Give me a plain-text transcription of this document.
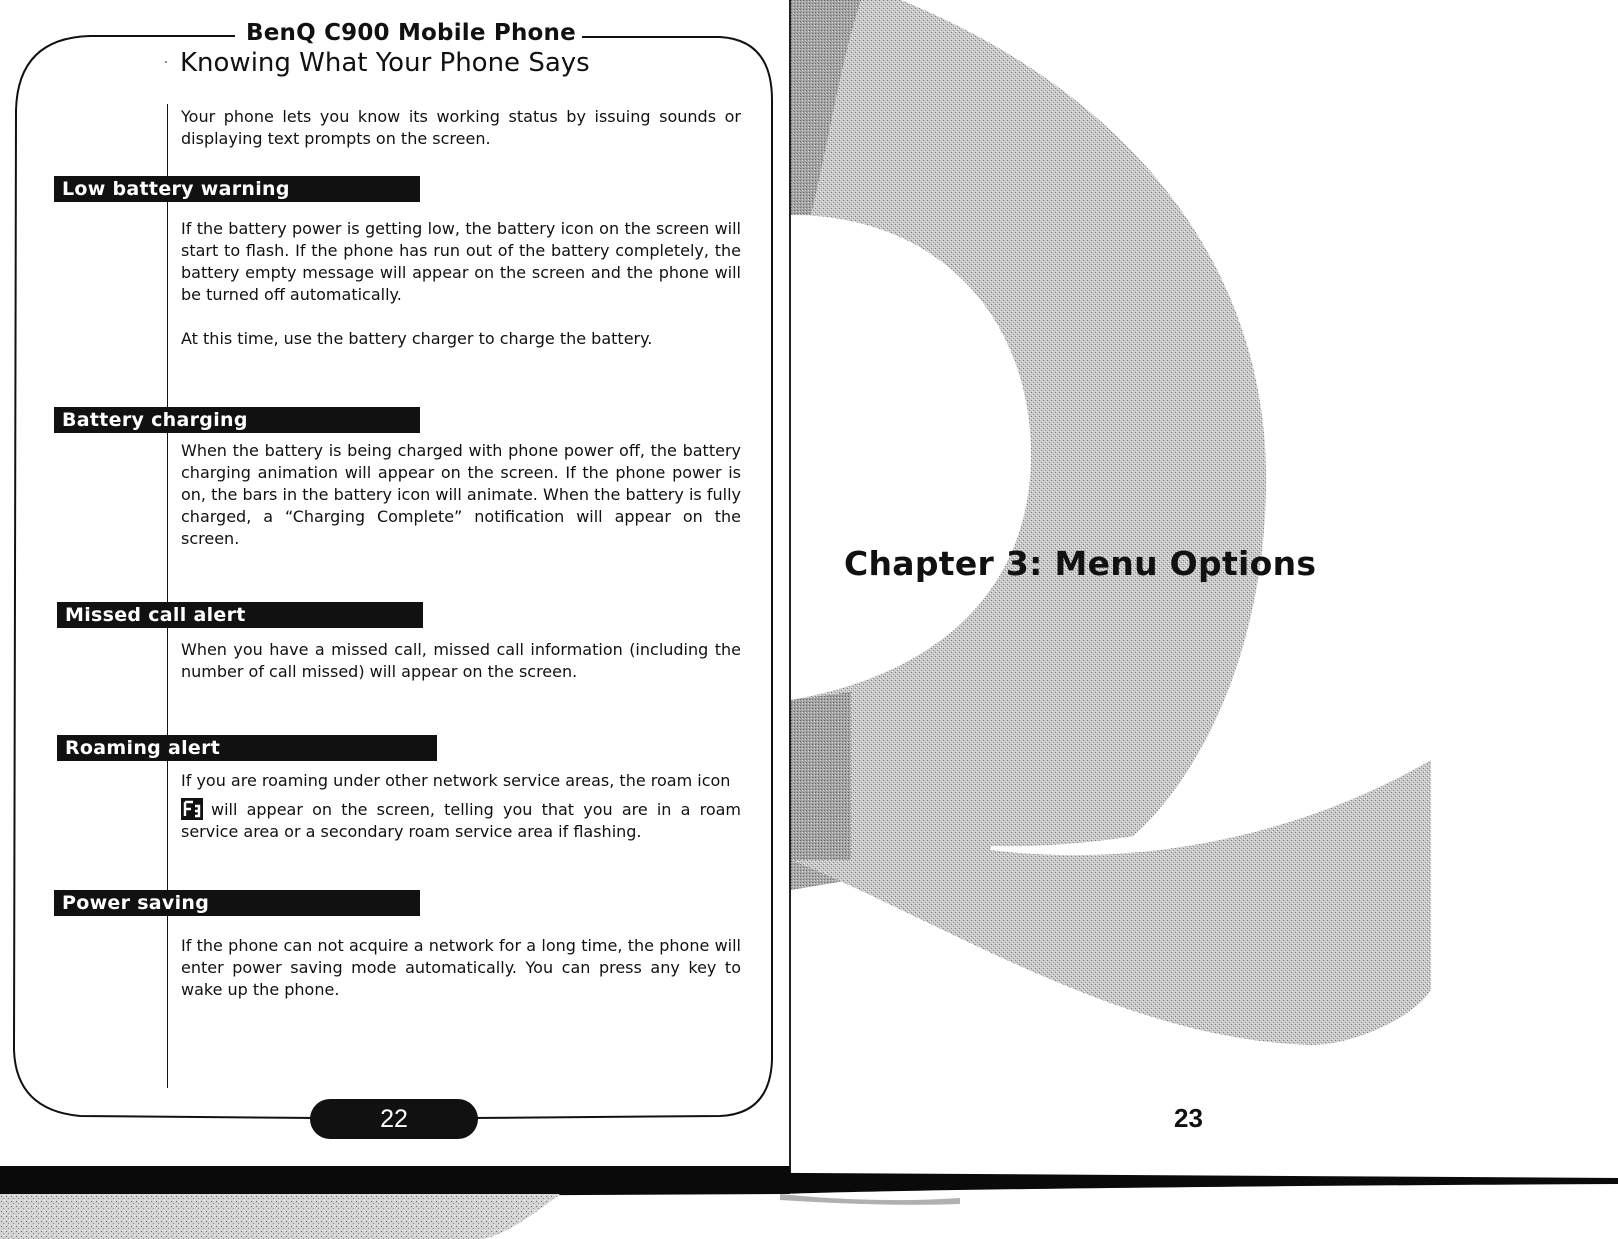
BenQ C900 Mobile Phone
Knowing What Your Phone Says

Your phone lets you know its working status by issuing sounds or displaying text prompts on the screen.

Low battery warning

If the battery power is getting low, the battery icon on the screen will start to flash. If the phone has run out of the battery completely, the battery empty message will appear on the screen and the phone will be turned off automatically.

At this time, use the battery charger to charge the battery.

Battery charging

When the battery is being charged with phone power off, the battery charging animation will appear on the screen. If the phone power is on, the bars in the battery icon will animate. When the battery is fully charged, a “Charging Complete” notification will appear on the screen.

Missed call alert

When you have a missed call, missed call information (including the number of call missed) will appear on the screen.

Roaming alert

If you are roaming under other network service areas, the roam icon

will appear on the screen, telling you that you are in a roam service area or a secondary roam service area if flashing.
Power saving

If the phone can not acquire a network for a long time, the phone will enter power saving mode automatically. You can press any key to wake up the phone.

22
Chapter 3: Menu Options
23
